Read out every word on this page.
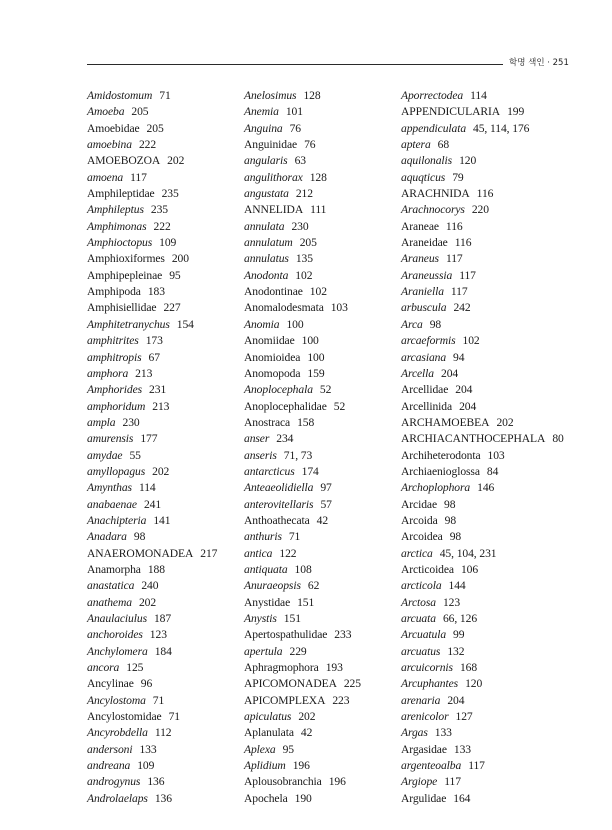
학명 색인 · 251
Amidostomum 71
Amoeba 205
Amoebidae 205
amoebina 222
AMOEBOZOA 202
amoena 117
Amphileptidae 235
Amphileptus 235
Amphimonas 222
Amphioctopus 109
Amphioxiformes 200
Amphipepleinae 95
Amphipoda 183
Amphisiellidae 227
Amphitetranychus 154
amphitrites 173
amphitropis 67
amphora 213
Amphorides 231
amphoridum 213
ampla 230
amurensis 177
amydae 55
amyllopagus 202
Amynthas 114
anabaenae 241
Anachipteria 141
Anadara 98
ANAEROMONADEA 217
Anamorpha 188
anastatica 240
anathema 202
Anaulaciulus 187
anchoroides 123
Anchylomera 184
ancora 125
Ancylinae 96
Ancylostoma 71
Ancylostomidae 71
Ancyrobdella 112
andersoni 133
andreana 109
androgynus 136
Androlaelaps 136
Anelosimus 128
Anemia 101
Anguina 76
Anguinidae 76
angularis 63
angulithorax 128
angustata 212
ANNELIDA 111
annulata 230
annulatum 205
annulatus 135
Anodonta 102
Anodontinae 102
Anomalodesmata 103
Anomia 100
Anomiidae 100
Anomioidea 100
Anomopoda 159
Anoplocephala 52
Anoplocephalidae 52
Anostraca 158
anser 234
anseris 71, 73
antarcticus 174
Anteaeolidiella 97
anterovitellaris 57
Anthoathecata 42
anthuris 71
antica 122
antiquata 108
Anuraeopsis 62
Anystidae 151
Anystis 151
Apertospathulidae 233
apertula 229
Aphragmophora 193
APICOMONADEA 225
APICOMPLEXA 223
apiculatus 202
Aplanulata 42
Aplexa 95
Aplidium 196
Aplousobranchia 196
Apochela 190
Aporrectodea 114
APPENDICULARIA 199
appendiculata 45, 114, 176
aptera 68
aquilonalis 120
aquqticus 79
ARACHNIDA 116
Arachnocorys 220
Araneae 116
Araneidae 116
Araneus 117
Araneussia 117
Araniella 117
arbuscula 242
Arca 98
arcaeformis 102
arcasiana 94
Arcella 204
Arcellidae 204
Arcellinida 204
ARCHAMOEBEA 202
ARCHIACANTHOCEPHALA 80
Archiheterodonta 103
Archiaenioglossa 84
Archoplophora 146
Arcidae 98
Arcoida 98
Arcoidea 98
arctica 45, 104, 231
Arcticoidea 106
arcticola 144
Arctosa 123
arcuata 66, 126
Arcuatula 99
arcuatus 132
arcuicornis 168
Arcuphantes 120
arenaria 204
arenicolor 127
Argas 133
Argasidae 133
argenteoalba 117
Argiope 117
Argulidae 164
